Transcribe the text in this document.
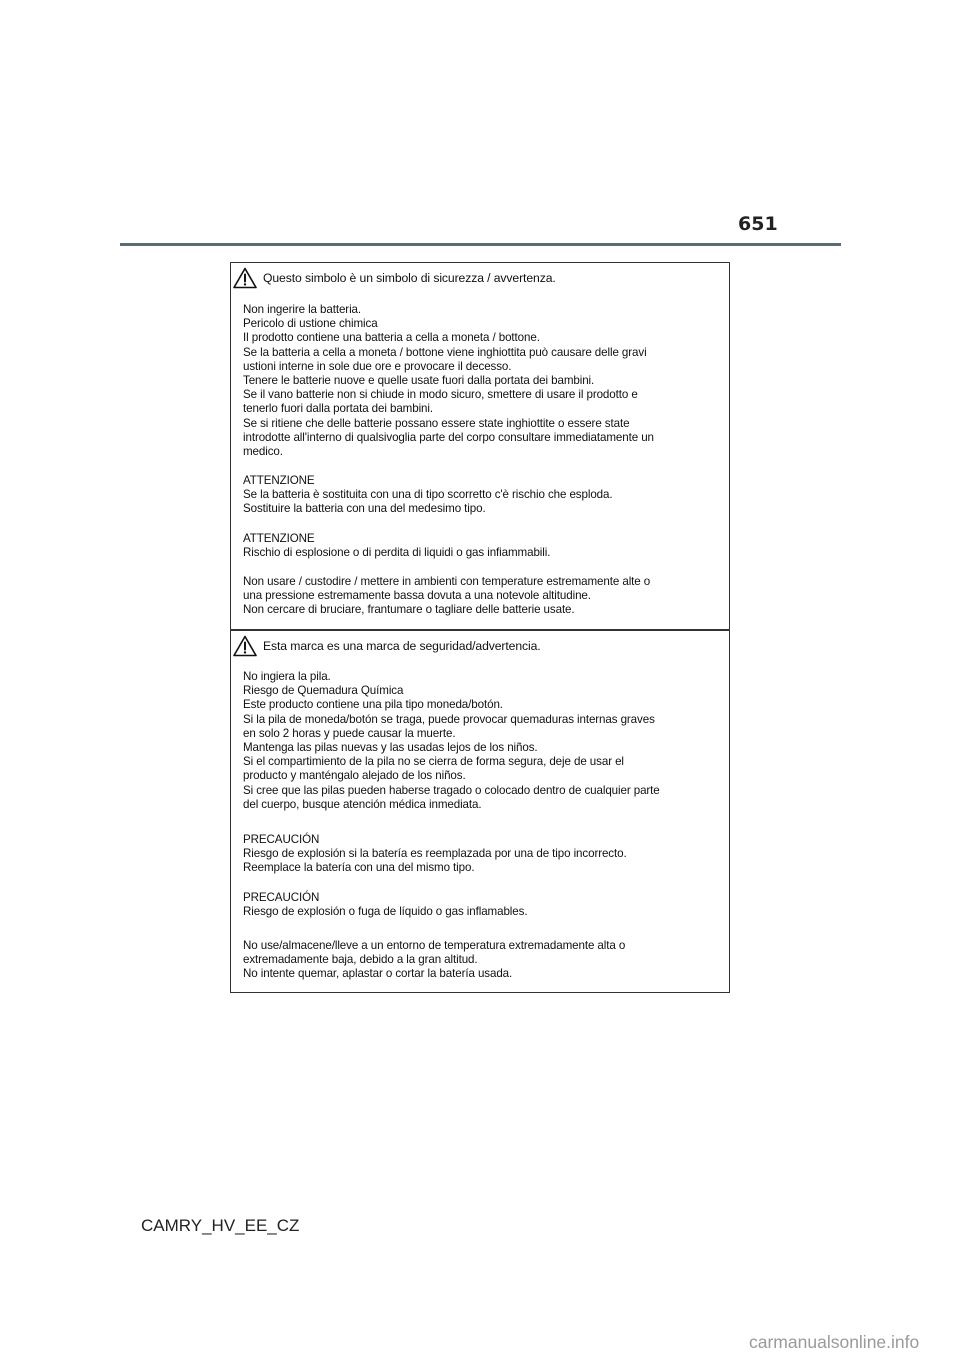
651
Questo simbolo è un simbolo di sicurezza / avvertenza.
Non ingerire la batteria.
Pericolo di ustione chimica
Il prodotto contiene una batteria a cella a moneta / bottone.
Se la batteria a cella a moneta / bottone viene inghiottita può causare delle gravi
ustioni interne in sole due ore e provocare il decesso.
Tenere le batterie nuove e quelle usate fuori dalla portata dei bambini.
Se il vano batterie non si chiude in modo sicuro, smettere di usare il prodotto e
tenerlo fuori dalla portata dei bambini.
Se si ritiene che delle batterie possano essere state inghiottite o essere state
introdotte all'interno di qualsivoglia parte del corpo consultare immediatamente un
medico.
ATTENZIONE
Se la batteria è sostituita con una di tipo scorretto c'è rischio che esploda.
Sostituire la batteria con una del medesimo tipo.
ATTENZIONE
Rischio di esplosione o di perdita di liquidi o gas infiammabili.
Non usare / custodire / mettere in ambienti con temperature estremamente alte o
una pressione estremamente bassa dovuta a una notevole altitudine.
Non cercare di bruciare, frantumare o tagliare delle batterie usate.
Esta marca es una marca de seguridad/advertencia.
No ingiera la pila.
Riesgo de Quemadura Química
Este producto contiene una pila tipo moneda/botón.
Si la pila de moneda/botón se traga, puede provocar quemaduras internas graves
en solo 2 horas y puede causar la muerte.
Mantenga las pilas nuevas y las usadas lejos de los niños.
Si el compartimiento de la pila no se cierra de forma segura, deje de usar el
producto y manténgalo alejado de los niños.
Si cree que las pilas pueden haberse tragado o colocado dentro de cualquier parte
del cuerpo, busque atención médica inmediata.
PRECAUCIÓN
Riesgo de explosión si la batería es reemplazada por una de tipo incorrecto.
Reemplace la batería con una del mismo tipo.
PRECAUCIÓN
Riesgo de explosión o fuga de líquido o gas inflamables.
No use/almacene/lleve a un entorno de temperatura extremadamente alta o
extremadamente baja, debido a la gran altitud.
No intente quemar, aplastar o cortar la batería usada.
CAMRY_HV_EE_CZ
carmanualsonline.info
